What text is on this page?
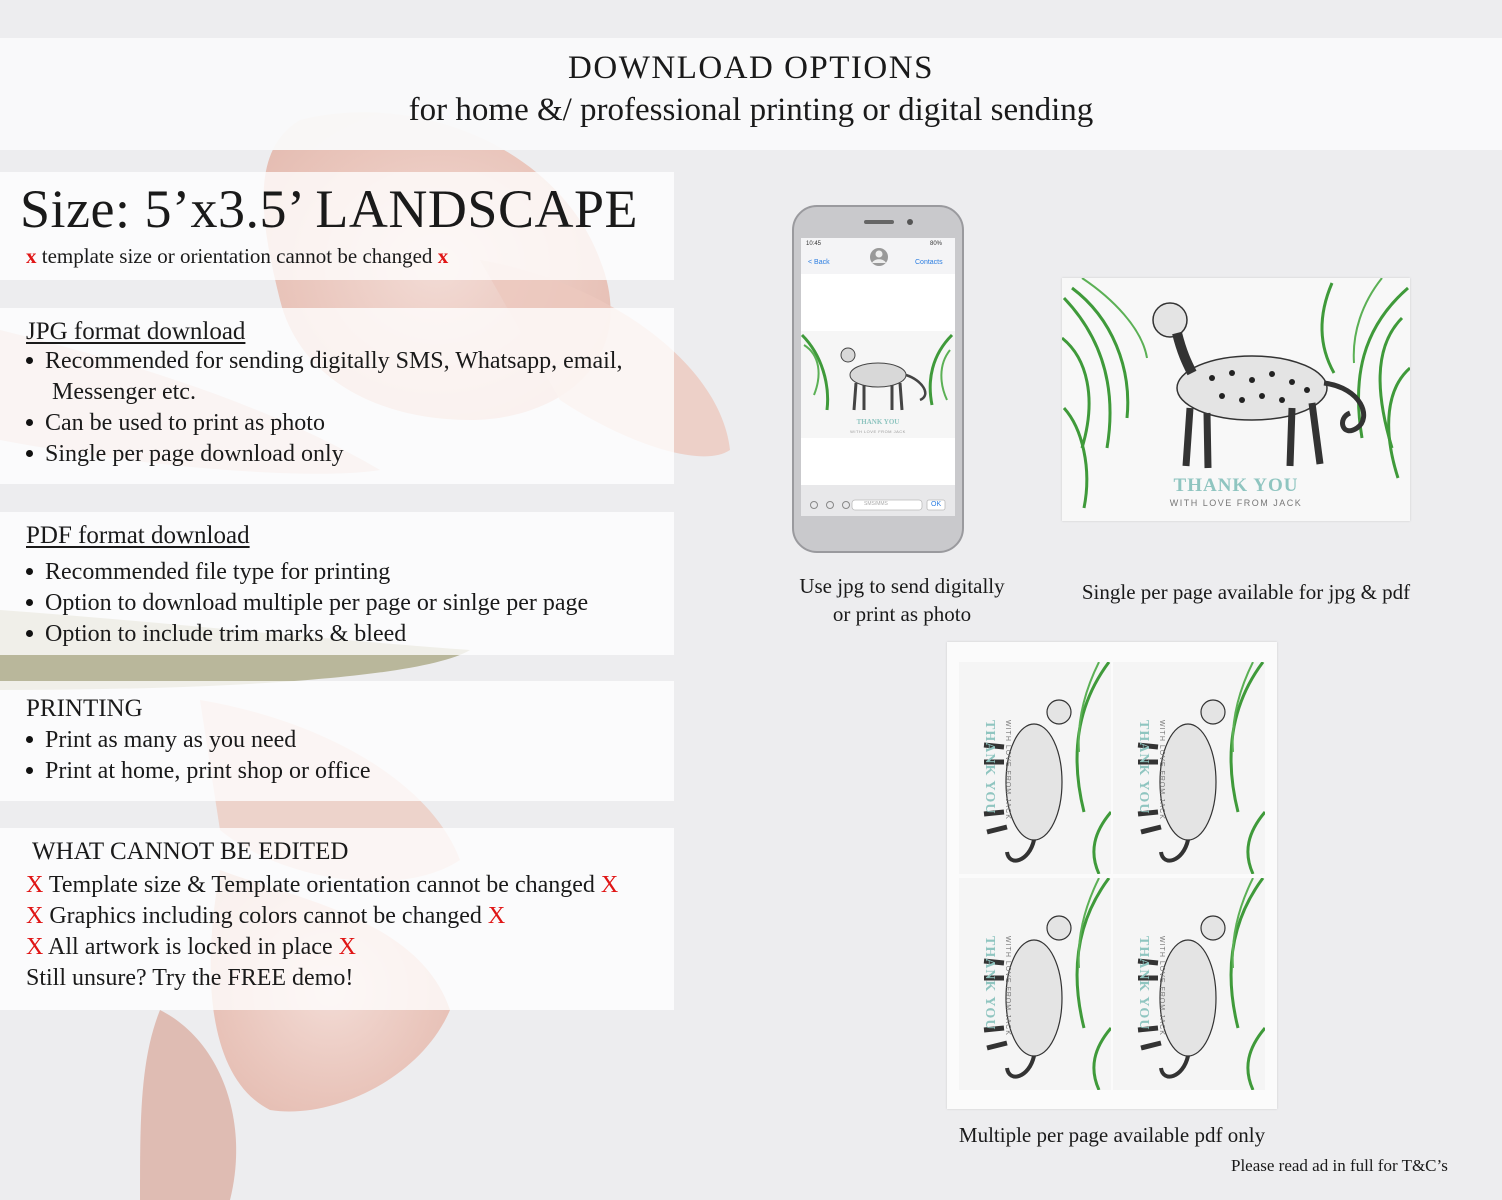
DOWNLOAD OPTIONS
for home &/ professional printing or digital sending
Size: 5’x3.5’ LANDSCAPE
x template size or orientation cannot be changed x
JPG format download
Recommended for sending digitally SMS, Whatsapp, email,
Messenger etc.
Can be used to print as photo
Single per page download only
PDF format download
Recommended file type for printing
Option to download multiple per page or sinlge per page
Option to include trim marks & bleed
PRINTING
Print as many as you need
Print at home, print shop or office
WHAT CANNOT BE EDITED
X Template size & Template orientation cannot be changed X
X Graphics including colors cannot be changed X
X All artwork is locked in place X
Still unsure? Try the FREE demo!
10:45	80%
< Back	Contacts
THANK YOU
WITH LOVE FROM JACK
SMS/MMS	OK
THANK YOU
WITH LOVE FROM JACK
THANK YOU WITH LOVE FROM JACK	THANK YOU WITH LOVE FROM JACK
THANK YOU WITH LOVE FROM JACK	THANK YOU WITH LOVE FROM JACK
Use jpg to send digitally
or print as photo
Single per page available for jpg & pdf
Multiple per page available pdf only
Please read ad in full for T&C’s
